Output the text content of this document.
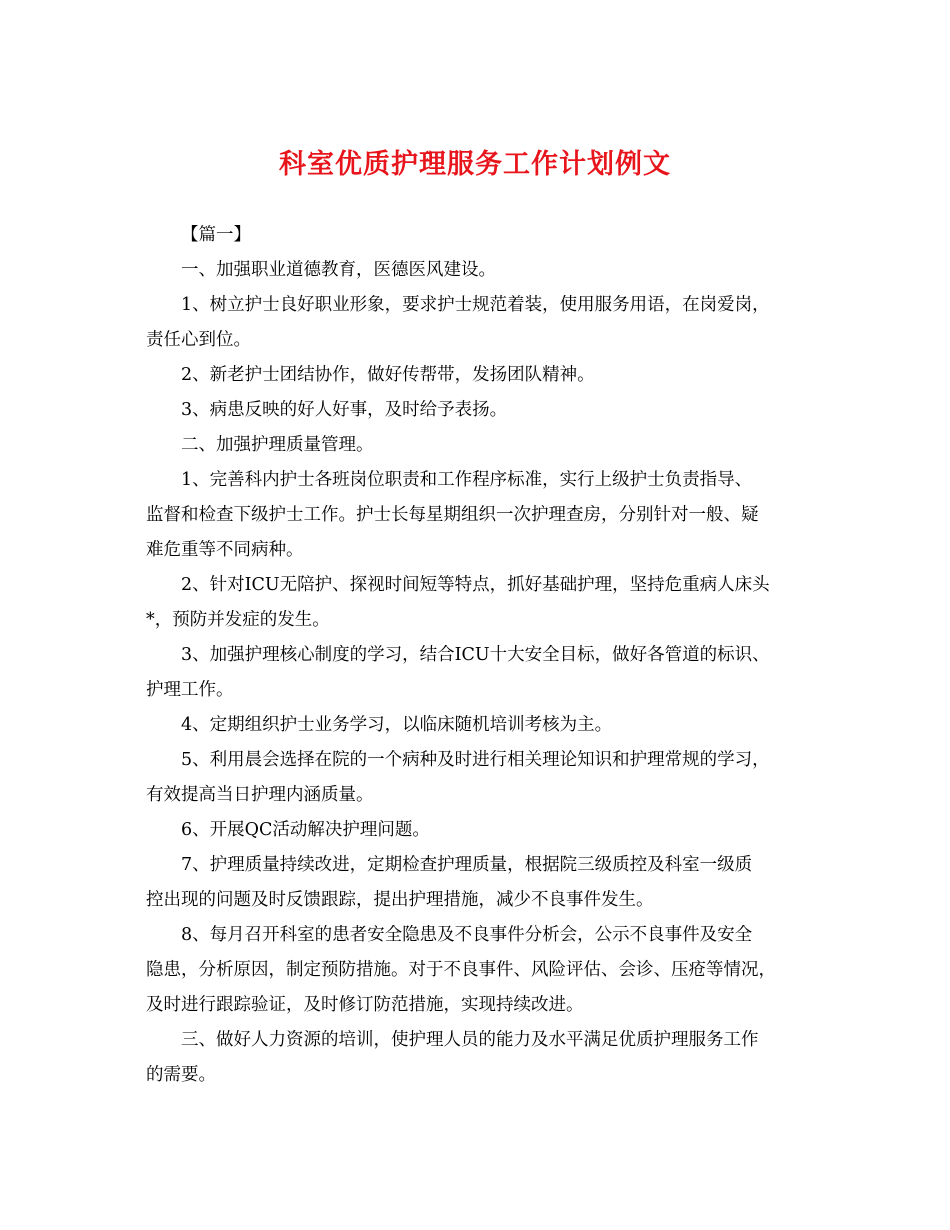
科室优质护理服务工作计划例文
【篇一】
一、加强职业道德教育，医德医风建设。
1、树立护士良好职业形象，要求护士规范着装，使用服务用语，在岗爱岗，
责任心到位。
2、新老护士团结协作，做好传帮带，发扬团队精神。
3、病患反映的好人好事，及时给予表扬。
二、加强护理质量管理。
1、完善科内护士各班岗位职责和工作程序标准，实行上级护士负责指导、
监督和检查下级护士工作。护士长每星期组织一次护理查房，分别针对一般、疑
难危重等不同病种。
2、针对ICU无陪护、探视时间短等特点，抓好基础护理，坚持危重病人床头
*，预防并发症的发生。
3、加强护理核心制度的学习，结合ICU十大安全目标，做好各管道的标识、
护理工作。
4、定期组织护士业务学习，以临床随机培训考核为主。
5、利用晨会选择在院的一个病种及时进行相关理论知识和护理常规的学习，
有效提高当日护理内涵质量。
6、开展QC活动解决护理问题。
7、护理质量持续改进，定期检查护理质量，根据院三级质控及科室一级质
控出现的问题及时反馈跟踪，提出护理措施，减少不良事件发生。
8、每月召开科室的患者安全隐患及不良事件分析会，公示不良事件及安全
隐患，分析原因，制定预防措施。对于不良事件、风险评估、会诊、压疮等情况，
及时进行跟踪验证，及时修订防范措施，实现持续改进。
三、做好人力资源的培训，使护理人员的能力及水平满足优质护理服务工作
的需要。
